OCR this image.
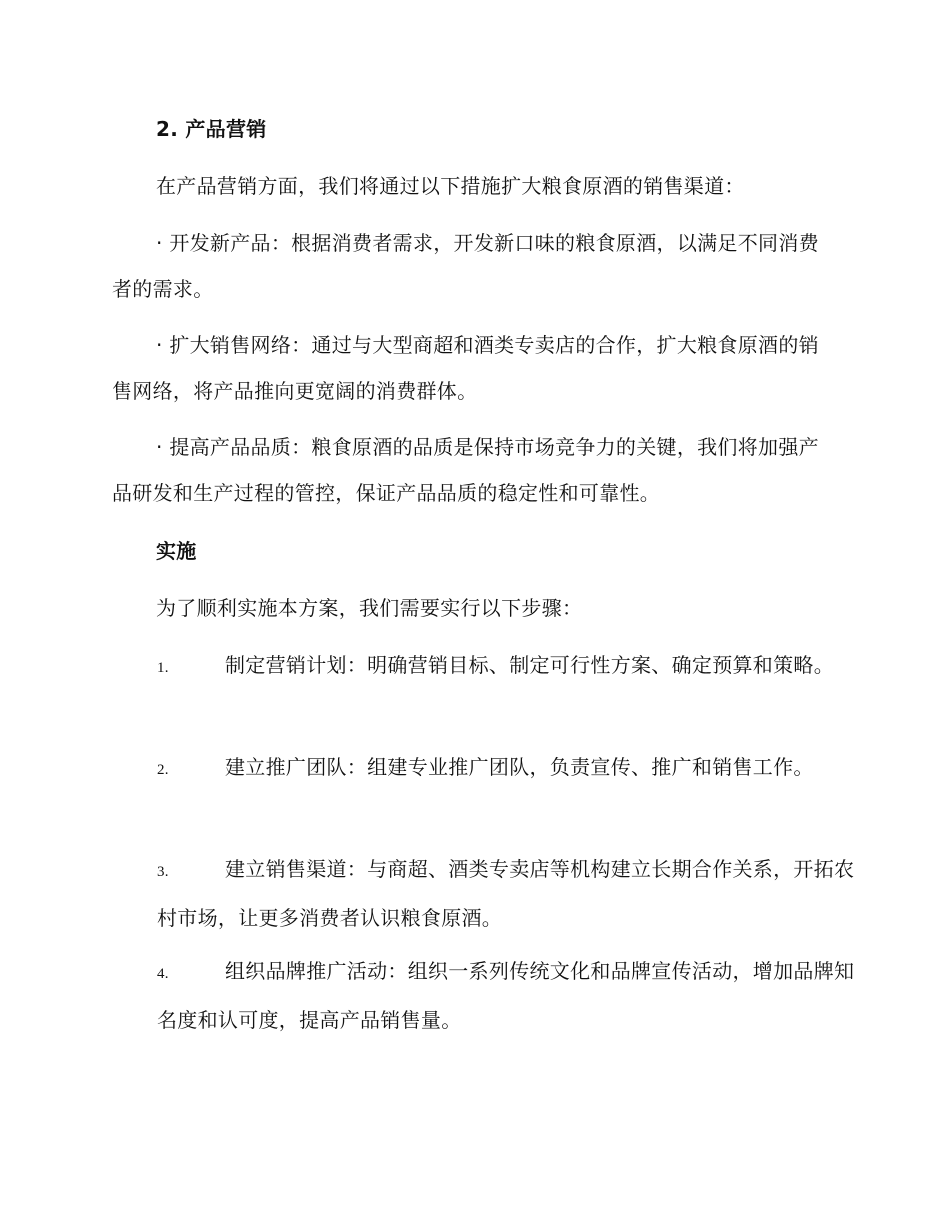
2. 产品营销
在产品营销方面，我们将通过以下措施扩大粮食原酒的销售渠道：
· 开发新产品：根据消费者需求，开发新口味的粮食原酒，以满足不同消费者的需求。
· 扩大销售网络：通过与大型商超和酒类专卖店的合作，扩大粮食原酒的销售网络，将产品推向更宽阔的消费群体。
· 提高产品品质：粮食原酒的品质是保持市场竞争力的关键，我们将加强产品研发和生产过程的管控，保证产品品质的稳定性和可靠性。
实施
为了顺利实施本方案，我们需要实行以下步骤：
1.	制定营销计划：明确营销目标、制定可行性方案、确定预算和策略。
2.	建立推广团队：组建专业推广团队，负责宣传、推广和销售工作。
3.	建立销售渠道：与商超、酒类专卖店等机构建立长期合作关系，开拓农村市场，让更多消费者认识粮食原酒。
4.	组织品牌推广活动：组织一系列传统文化和品牌宣传活动，增加品牌知名度和认可度，提高产品销售量。
